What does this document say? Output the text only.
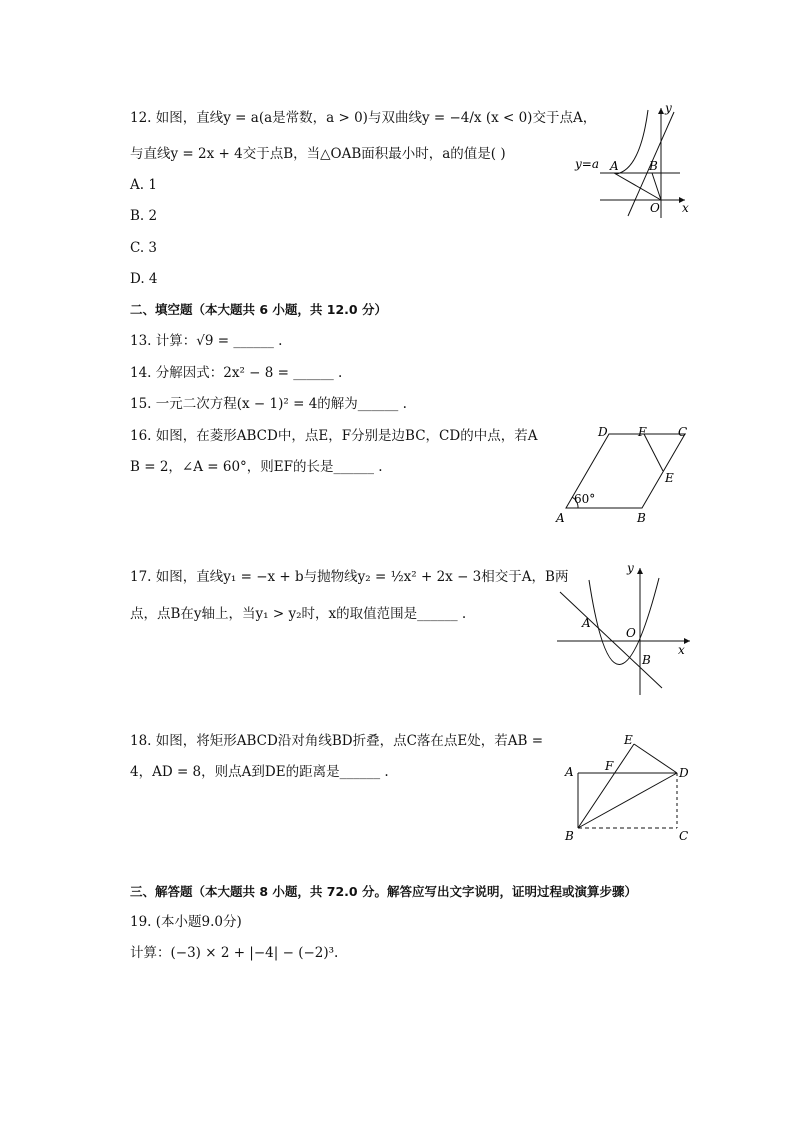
12. 如图，直线y = a(a是常数，a > 0)与双曲线y = −4/x (x < 0)交于点A，
与直线y = 2x + 4交于点B，当△OAB面积最小时，a的值是( )
A. 1
B. 2
C. 3
D. 4
y
x
y=a A	B
O
二、填空题（本大题共 6 小题，共 12.0 分）
13. 计算：√9 = ______ .
14. 分解因式：2x² − 8 = ______ .
15. 一元二次方程(x − 1)² = 4的解为______ .
16. 如图，在菱形ABCD中，点E，F分别是边BC，CD的中点，若A
B = 2，∠A = 60°，则EF的长是______ .
60°
A	B
C
D
E
F
17. 如图，直线y₁ = −x + b与抛物线y₂ = ½x² + 2x − 3相交于A，B两
点，点B在y轴上，当y₁ > y₂时，x的取值范围是______ .
y
x
A
B
O
18. 如图，将矩形ABCD沿对角线BD折叠，点C落在点E处，若AB =
4，AD = 8，则点A到DE的距离是______ .	A
B	C
D
E
F
三、解答题（本大题共 8 小题，共 72.0 分。解答应写出文字说明，证明过程或演算步骤）
19. (本小题9.0分)
计算：(−3) × 2 + |−4| − (−2)³.
